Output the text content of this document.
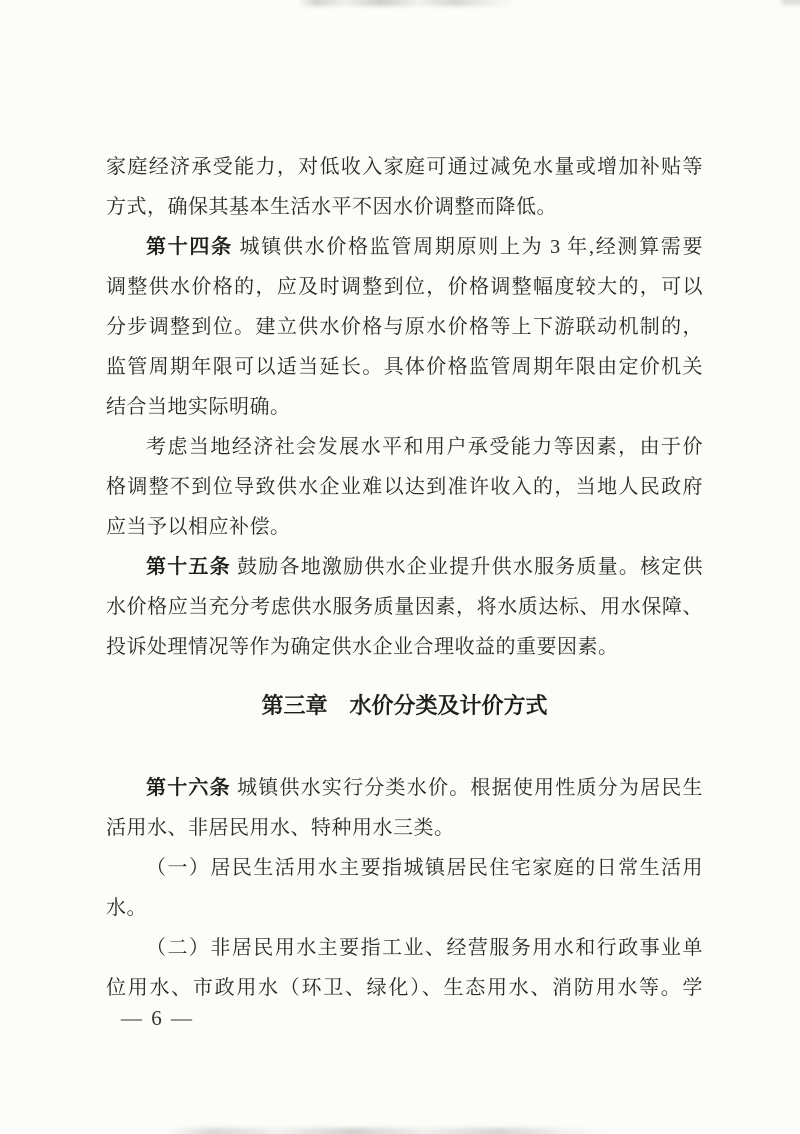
家庭经济承受能力，对低收入家庭可通过减免水量或增加补贴等
方式，确保其基本生活水平不因水价调整而降低。
第十四条 城镇供水价格监管周期原则上为 3 年,经测算需要
调整供水价格的，应及时调整到位，价格调整幅度较大的，可以
分步调整到位。建立供水价格与原水价格等上下游联动机制的，
监管周期年限可以适当延长。具体价格监管周期年限由定价机关
结合当地实际明确。
考虑当地经济社会发展水平和用户承受能力等因素，由于价
格调整不到位导致供水企业难以达到准许收入的，当地人民政府
应当予以相应补偿。
第十五条 鼓励各地激励供水企业提升供水服务质量。核定供
水价格应当充分考虑供水服务质量因素，将水质达标、用水保障、
投诉处理情况等作为确定供水企业合理收益的重要因素。
第三章　水价分类及计价方式
第十六条 城镇供水实行分类水价。根据使用性质分为居民生
活用水、非居民用水、特种用水三类。
（一）居民生活用水主要指城镇居民住宅家庭的日常生活用
水。
（二）非居民用水主要指工业、经营服务用水和行政事业单
位用水、市政用水（环卫、绿化）、生态用水、消防用水等。学
— 6 —
